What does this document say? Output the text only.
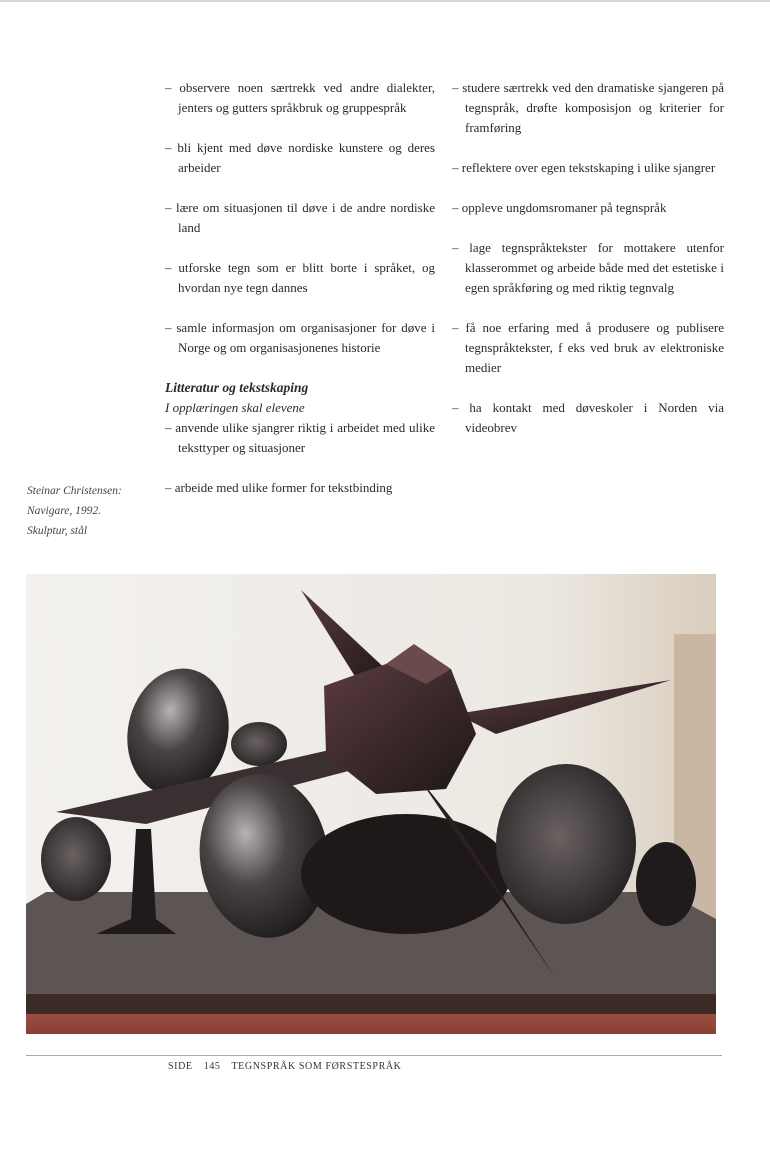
– observere noen særtrekk ved andre dialekter, jenters og gutters språkbruk og gruppespråk

– bli kjent med døve nordiske kunstere og deres arbeider

– lære om situasjonen til døve i de andre nordiske land

– utforske tegn som er blitt borte i språket, og hvordan nye tegn dannes

– samle informasjon om organisasjoner for døve i Norge og om organisasjonenes historie

Litteratur og tekstskaping

I opplæringen skal elevene

– anvende ulike sjangrer riktig i arbeidet med ulike teksttyper og situasjoner

– arbeide med ulike former for tekstbinding

– studere særtrekk ved den dramatiske sjangeren på tegnspråk, drøfte komposisjon og kriterier for framføring

– reflektere over egen tekstskaping i ulike sjangrer

– oppleve ungdomsromaner på tegnspråk

– lage tegnspråktekster for mottakere utenfor klasserommet og arbeide både med det estetiske i egen språkføring og med riktig tegnvalg

– få noe erfaring med å produsere og publisere tegnspråktekster, f eks ved bruk av elektroniske medier

– ha kontakt med døveskoler i Norden via videobrev

Steinar Christensen:
Navigare, 1992.
Skulptur, stål
SIDE 145 TEGNSPRÅK SOM FØRSTESPRÅK
